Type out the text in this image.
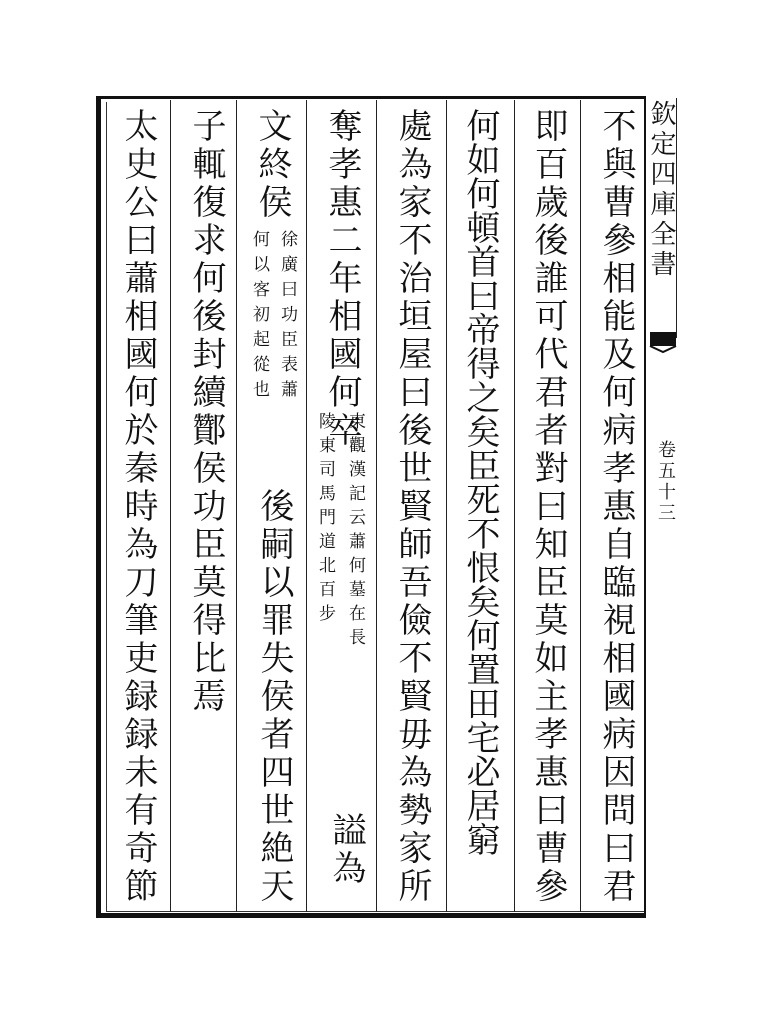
欽定四庫全書
卷五十三
不與曹參相能及何病孝惠自臨視相國病因問曰君
即百歲後誰可代君者對曰知臣莫如主孝惠曰曹參
何如何頓首曰帝得之矣臣死不恨矣何置田宅必居窮
處為家不治垣屋曰後世賢師吾儉不賢毋為勢家所
奪孝惠二年相國何卒
東觀漢記云蕭何墓在長
陵東司馬門道北百步
謚為
文終侯
徐廣曰功臣表蕭
何以客初起從也
後嗣以罪失侯者四世絶天
子輒復求何後封續酇侯功臣莫得比焉
太史公曰蕭相國何於秦時為刀筆吏録録未有奇節
